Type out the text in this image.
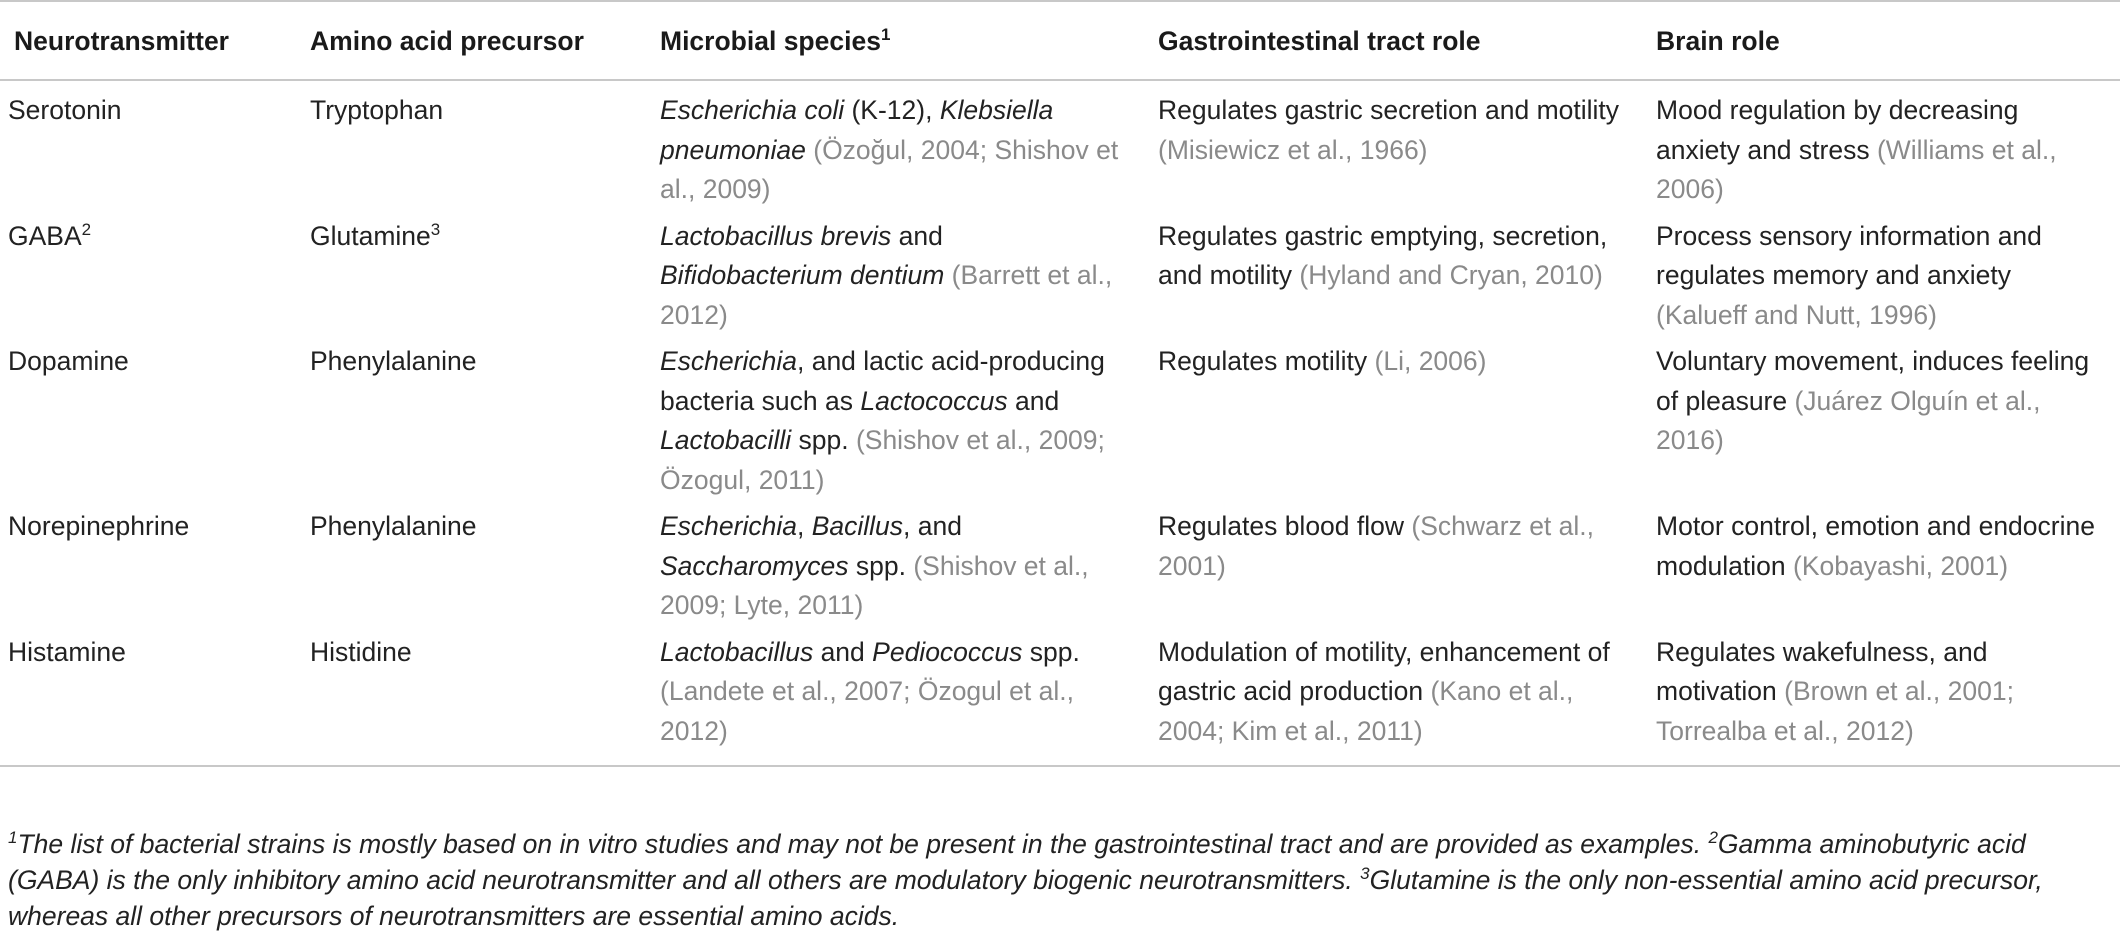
Neurotransmitter	Amino acid precursor	Microbial species$^1$	Gastrointestinal tract role	Brain role
Serotonin	Tryptophan	Escherichia coli (K-12), Klebsiella pneumoniae (Özoğul, 2004; Shishov et al., 2009)	Regulates gastric secretion and motility (Misiewicz et al., 1966)	Mood regulation by decreasing anxiety and stress (Williams et al., 2006)
GABA$^2$	Glutamine$^3$	Lactobacillus brevis and Bifidobacterium dentium (Barrett et al., 2012)	Regulates gastric emptying, secretion, and motility (Hyland and Cryan, 2010)	Process sensory information and regulates memory and anxiety (Kalueff and Nutt, 1996)
Dopamine	Phenylalanine	Escherichia, and lactic acid-producing bacteria such as Lactococcus and Lactobacilli spp. (Shishov et al., 2009; Özogul, 2011)	Regulates motility (Li, 2006)	Voluntary movement, induces feeling of pleasure (Juárez Olguín et al., 2016)
Norepinephrine	Phenylalanine	Escherichia, Bacillus, and Saccharomyces spp. (Shishov et al., 2009; Lyte, 2011)	Regulates blood flow (Schwarz et al., 2001)	Motor control, emotion and endocrine modulation (Kobayashi, 2001)
Histamine	Histidine	Lactobacillus and Pediococcus spp. (Landete et al., 2007; Özogul et al., 2012)	Modulation of motility, enhancement of gastric acid production (Kano et al., 2004; Kim et al., 2011)	Regulates wakefulness, and motivation (Brown et al., 2001; Torrealba et al., 2012)
$^1$The list of bacterial strains is mostly based on in vitro studies and may not be present in the gastrointestinal tract and are provided as examples. $^2$Gamma aminobutyric acid (GABA) is the only inhibitory amino acid neurotransmitter and all others are modulatory biogenic neurotransmitters. $^3$Glutamine is the only non-essential amino acid precursor, whereas all other precursors of neurotransmitters are essential amino acids.
